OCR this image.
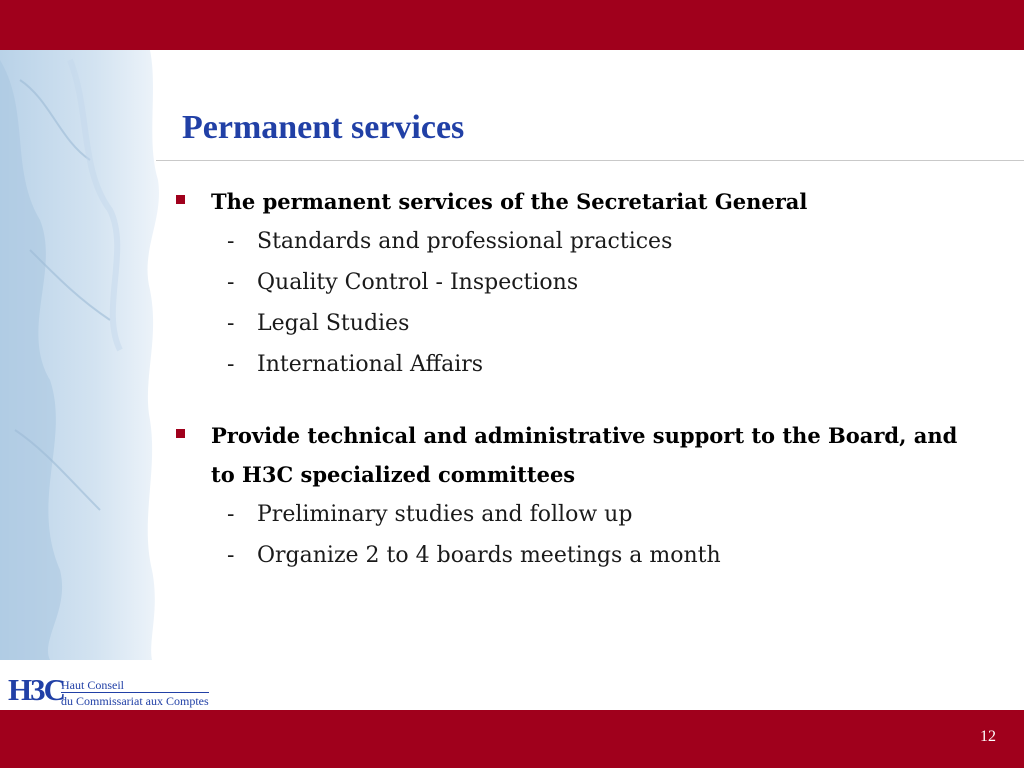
Permanent services
The permanent services of the Secretariat General
- Standards and professional practices
- Quality Control - Inspections
- Legal Studies
- International Affairs
Provide technical and administrative support to the Board, and to H3C specialized committees
- Preliminary studies and follow up
- Organize 2 to 4 boards meetings a month
H3C
Haut Conseil
du Commissariat aux Comptes
12
